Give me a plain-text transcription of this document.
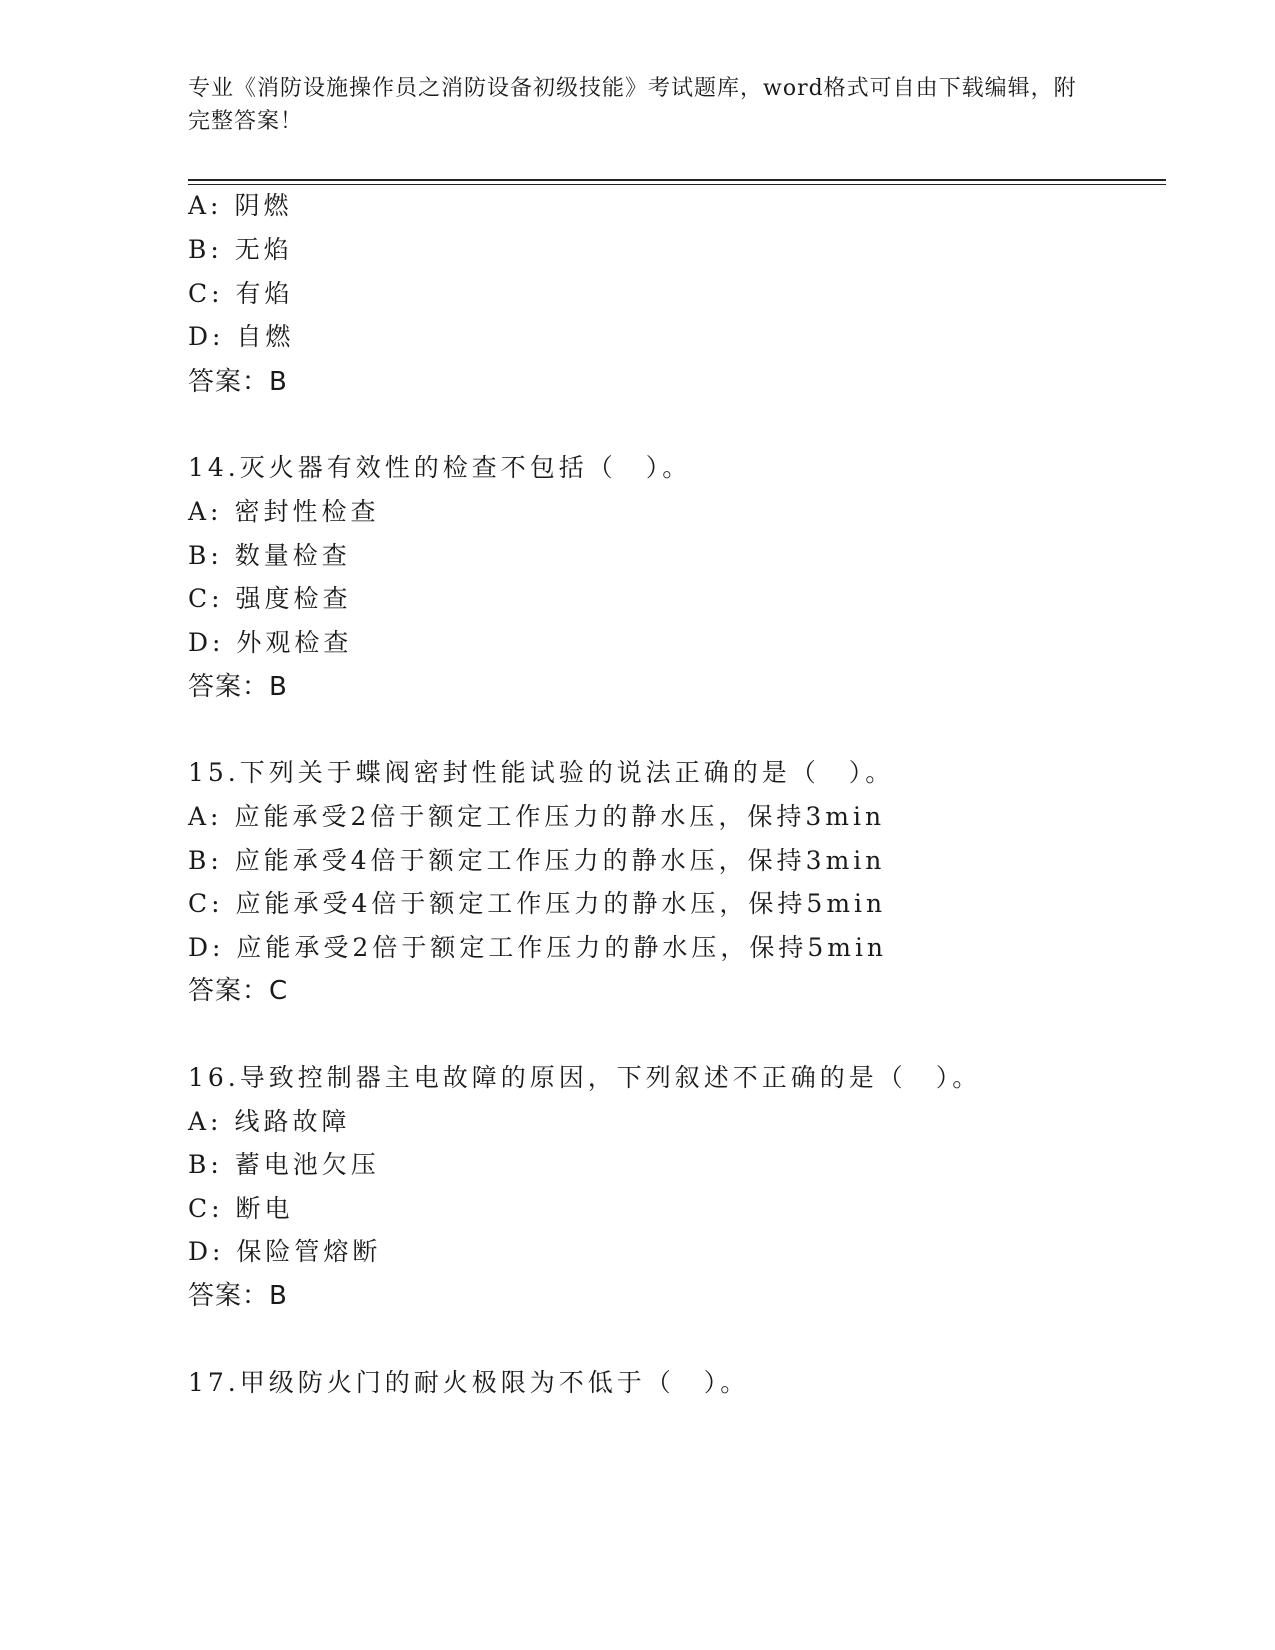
专业《消防设施操作员之消防设备初级技能》考试题库，word格式可自由下载编辑，附完整答案！
A: 阴燃
B: 无焰
C: 有焰
D: 自燃
答案：B
14.灭火器有效性的检查不包括（　）。
A: 密封性检查
B: 数量检查
C: 强度检查
D: 外观检查
答案：B
15.下列关于蝶阀密封性能试验的说法正确的是（　）。
A: 应能承受2倍于额定工作压力的静水压，保持3min
B: 应能承受4倍于额定工作压力的静水压，保持3min
C: 应能承受4倍于额定工作压力的静水压，保持5min
D: 应能承受2倍于额定工作压力的静水压，保持5min
答案：C
16.导致控制器主电故障的原因，下列叙述不正确的是（　）。
A: 线路故障
B: 蓄电池欠压
C: 断电
D: 保险管熔断
答案：B
17.甲级防火门的耐火极限为不低于（　）。
